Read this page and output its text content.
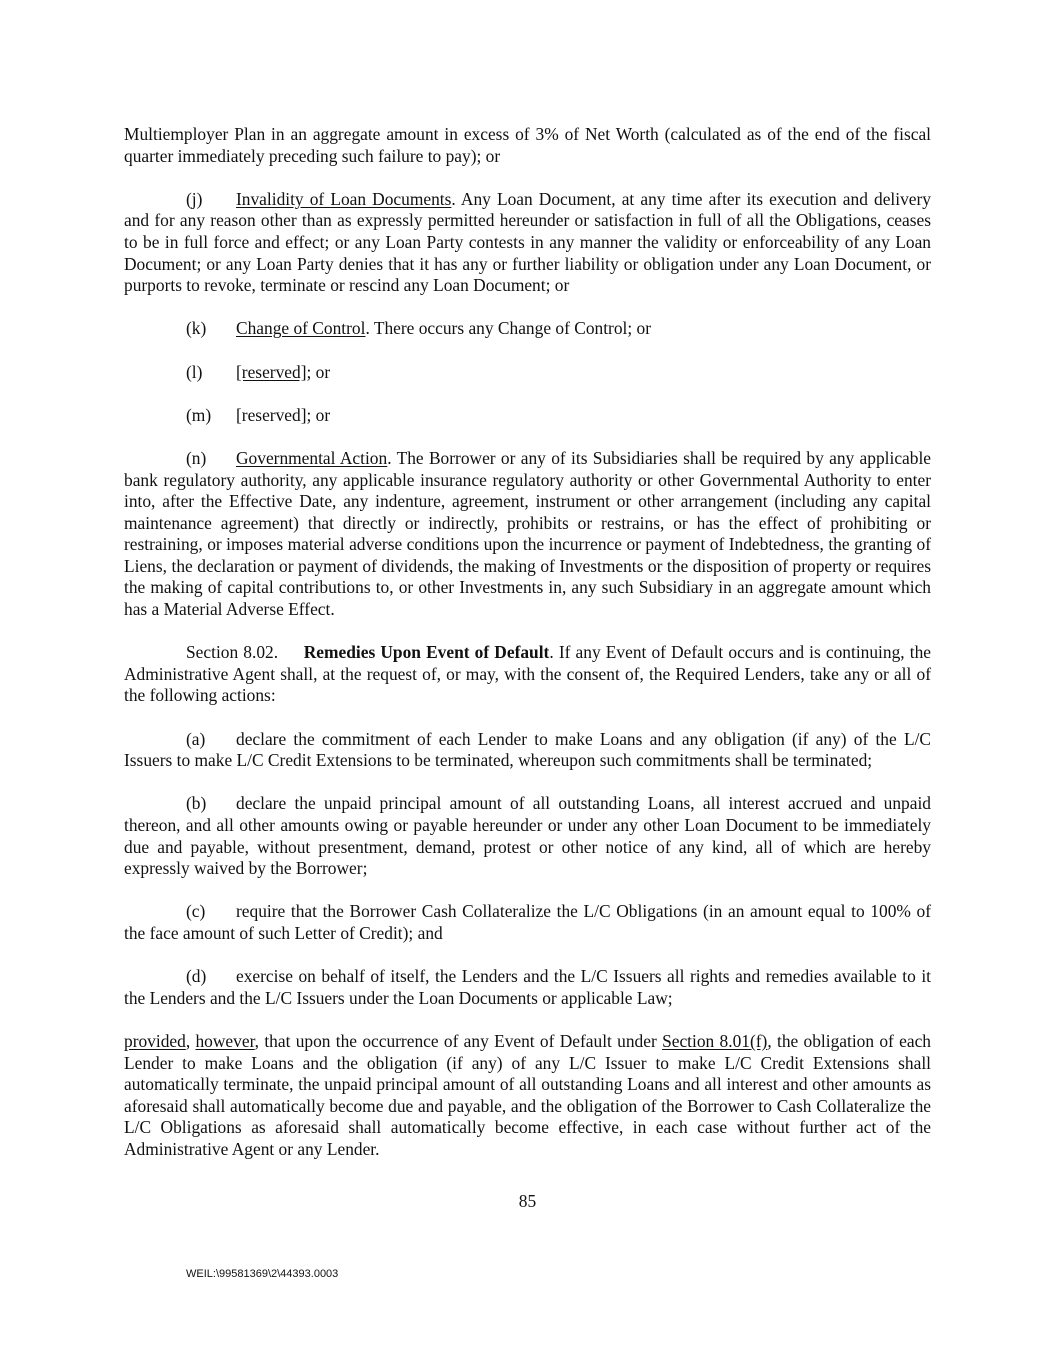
Multiemployer Plan in an aggregate amount in excess of 3% of Net Worth (calculated as of the end of the fiscal quarter immediately preceding such failure to pay); or

(j) Invalidity of Loan Documents. Any Loan Document, at any time after its execution and delivery and for any reason other than as expressly permitted hereunder or satisfaction in full of all the Obligations, ceases to be in full force and effect; or any Loan Party contests in any manner the validity or enforceability of any Loan Document; or any Loan Party denies that it has any or further liability or obligation under any Loan Document, or purports to revoke, terminate or rescind any Loan Document; or

(k) Change of Control. There occurs any Change of Control; or

(l) [reserved]; or

(m) [reserved]; or

(n) Governmental Action. The Borrower or any of its Subsidiaries shall be required by any applicable bank regulatory authority, any applicable insurance regulatory authority or other Governmental Authority to enter into, after the Effective Date, any indenture, agreement, instrument or other arrangement (including any capital maintenance agreement) that directly or indirectly, prohibits or restrains, or has the effect of prohibiting or restraining, or imposes material adverse conditions upon the incurrence or payment of Indebtedness, the granting of Liens, the declaration or payment of dividends, the making of Investments or the disposition of property or requires the making of capital contributions to, or other Investments in, any such Subsidiary in an aggregate amount which has a Material Adverse Effect.

Section 8.02. Remedies Upon Event of Default. If any Event of Default occurs and is continuing, the Administrative Agent shall, at the request of, or may, with the consent of, the Required Lenders, take any or all of the following actions:

(a) declare the commitment of each Lender to make Loans and any obligation (if any) of the L/C Issuers to make L/C Credit Extensions to be terminated, whereupon such commitments shall be terminated;

(b) declare the unpaid principal amount of all outstanding Loans, all interest accrued and unpaid thereon, and all other amounts owing or payable hereunder or under any other Loan Document to be immediately due and payable, without presentment, demand, protest or other notice of any kind, all of which are hereby expressly waived by the Borrower;

(c) require that the Borrower Cash Collateralize the L/C Obligations (in an amount equal to 100% of the face amount of such Letter of Credit); and

(d) exercise on behalf of itself, the Lenders and the L/C Issuers all rights and remedies available to it the Lenders and the L/C Issuers under the Loan Documents or applicable Law;

provided, however, that upon the occurrence of any Event of Default under Section 8.01(f), the obligation of each Lender to make Loans and the obligation (if any) of any L/C Issuer to make L/C Credit Extensions shall automatically terminate, the unpaid principal amount of all outstanding Loans and all interest and other amounts as aforesaid shall automatically become due and payable, and the obligation of the Borrower to Cash Collateralize the L/C Obligations as aforesaid shall automatically become effective, in each case without further act of the Administrative Agent or any Lender.

85
WEIL:\99581369\2\44393.0003
